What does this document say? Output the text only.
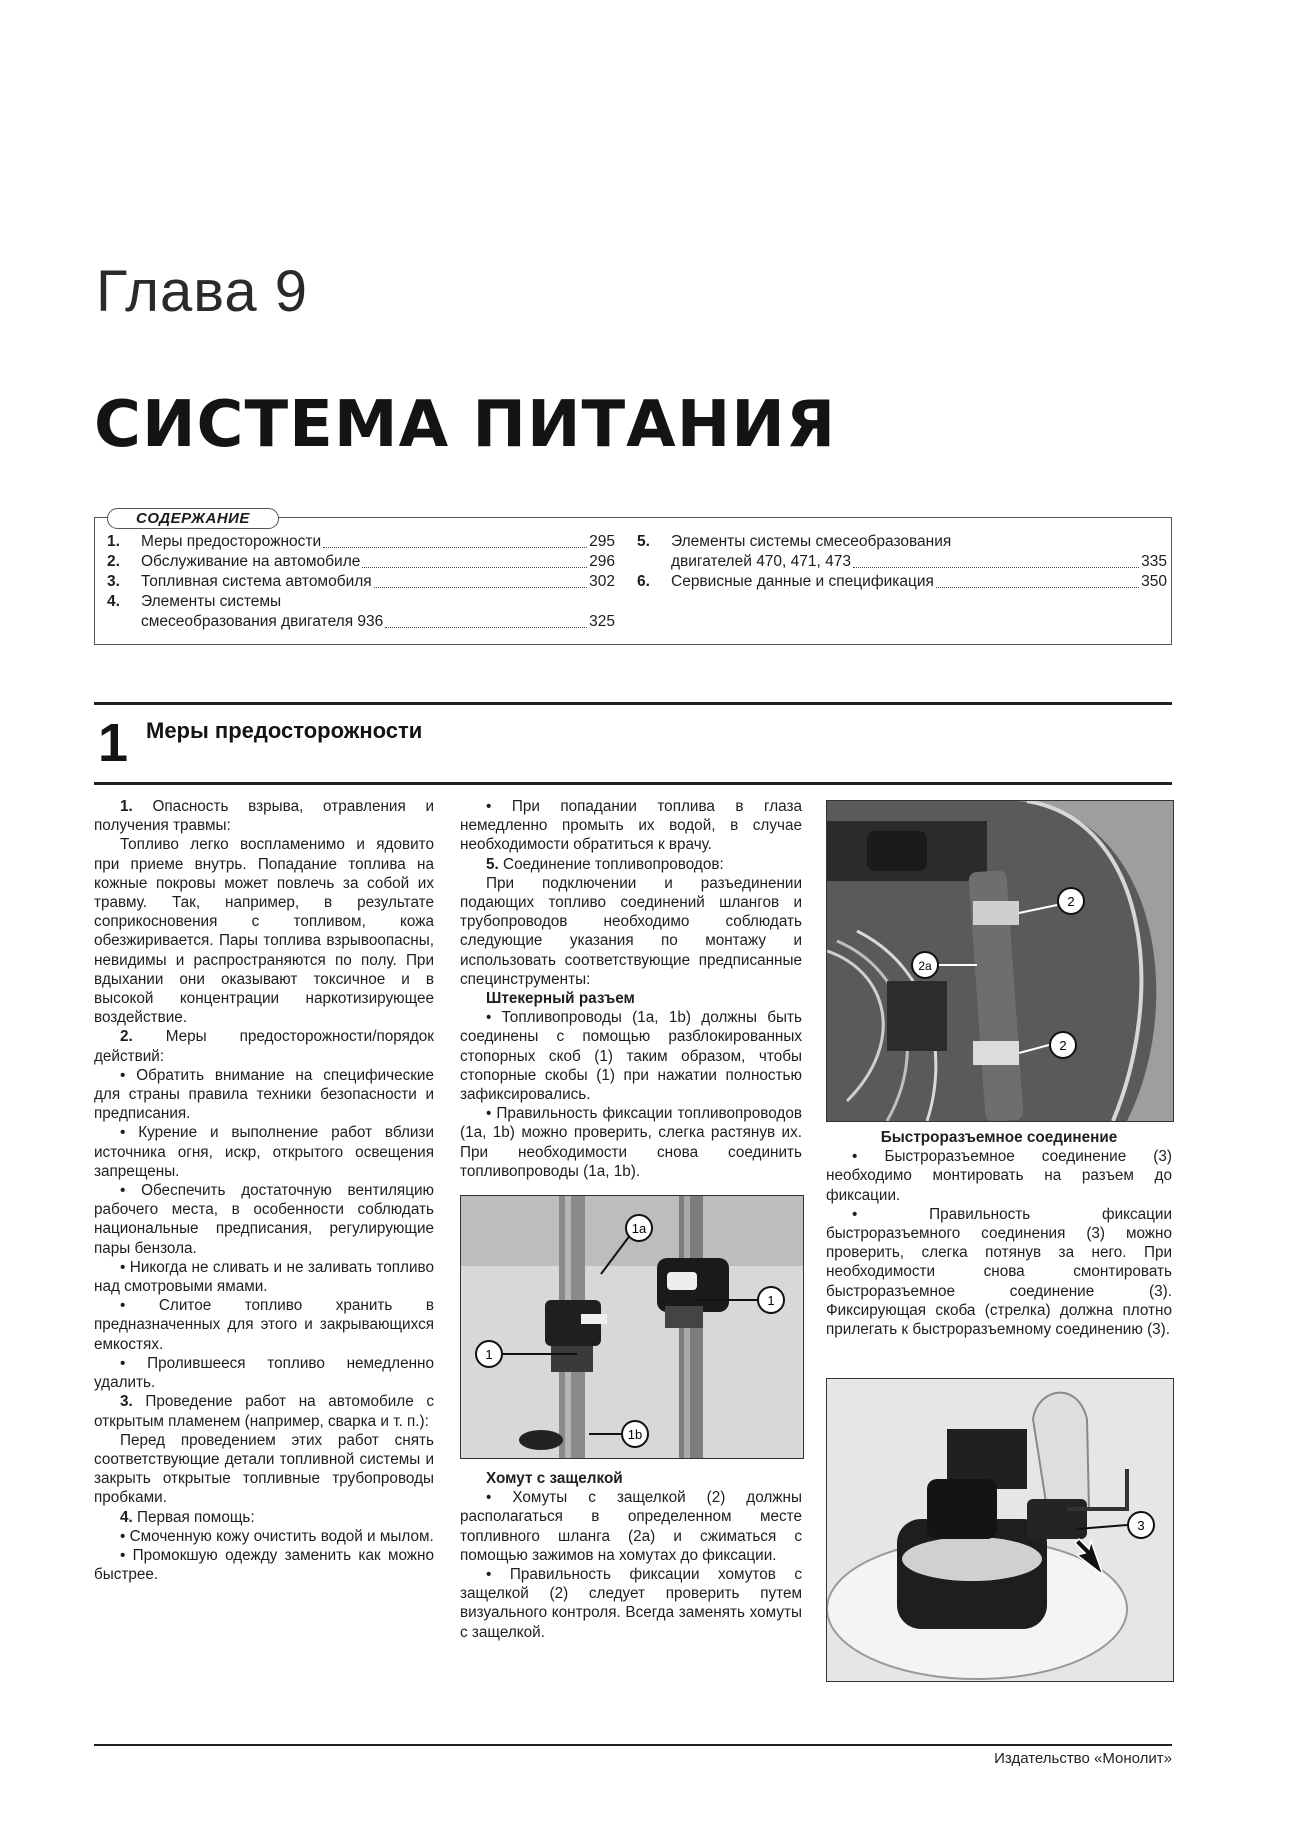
Глава 9
СИСТЕМА ПИТАНИЯ
СОДЕРЖАНИЕ
1.	Меры предосторожности	295
2.	Обслуживание на автомобиле	296
3.	Топливная система автомобиля	302
4.	Элементы системы
смесеобразования двигателя 936	325
5.	Элементы системы смесеобразования
двигателей 470, 471, 473	335
6.	Сервисные данные и спецификация	350
1 Меры предосторожности

1. Опасность взрыва, отравления и получения травмы:

Топливо легко воспламенимо и ядовито при приеме внутрь. Попадание топлива на кожные покровы может повлечь за собой их травму. Так, например, в результате соприкосновения с топливом, кожа обезжиривается. Пары топлива взрывоопасны, невидимы и распространяются по полу. При вдыхании они оказывают токсичное и в высокой концентрации наркотизирующее воздействие.

2. Меры предосторожности/порядок действий:

• Обратить внимание на специфические для страны правила техники безопасности и предписания.

• Курение и выполнение работ вблизи источника огня, искр, открытого освещения запрещены.

• Обеспечить достаточную вентиляцию рабочего места, в особенности соблюдать национальные предписания, регулирующие пары бензола.

• Никогда не сливать и не заливать топливо над смотровыми ямами.

• Слитое топливо хранить в предназначенных для этого и закрывающихся емкостях.

• Пролившееся топливо немедленно удалить.

3. Проведение работ на автомобиле с открытым пламенем (например, сварка и т. п.):

Перед проведением этих работ снять соответствующие детали топливной системы и закрыть открытые топливные трубопроводы пробками.

4. Первая помощь:

• Смоченную кожу очистить водой и мылом.

• Промокшую одежду заменить как можно быстрее.

• При попадании топлива в глаза немедленно промыть их водой, в случае необходимости обратиться к врачу.

5. Соединение топливопроводов:

При подключении и разъединении подающих топливо соединений шлангов и трубопроводов необходимо соблюдать следующие указания по монтажу и использовать соответствующие предписанные специнструменты:

Штекерный разъем

• Топливопроводы (1а, 1b) должны быть соединены с помощью разблокированных стопорных скоб (1) таким образом, чтобы стопорные скобы (1) при нажатии полностью зафиксировались.

• Правильность фиксации топливопроводов (1а, 1b) можно проверить, слегка растянув их. При необходимости снова соединить топливопроводы (1а, 1b).

1a
1
1
1b

Хомут с защелкой

• Хомуты с защелкой (2) должны располагаться в определенном месте топливного шланга (2а) и сжиматься с помощью зажимов на хомутах до фиксации.

• Правильность фиксации хомутов с защелкой (2) следует проверить путем визуального контроля. Всегда заменять хомуты с защелкой.

2
2a
2

Быстроразъемное соединение

• Быстроразъемное соединение (3) необходимо монтировать на разъем до фиксации.

• Правильность фиксации быстроразъемного соединения (3) можно проверить, слегка потянув за него. При необходимости снова смонтировать быстроразъемное соединение (3). Фиксирующая скоба (стрелка) должна плотно прилегать к быстроразъемному соединению (3).

3
Издательство «Монолит»
